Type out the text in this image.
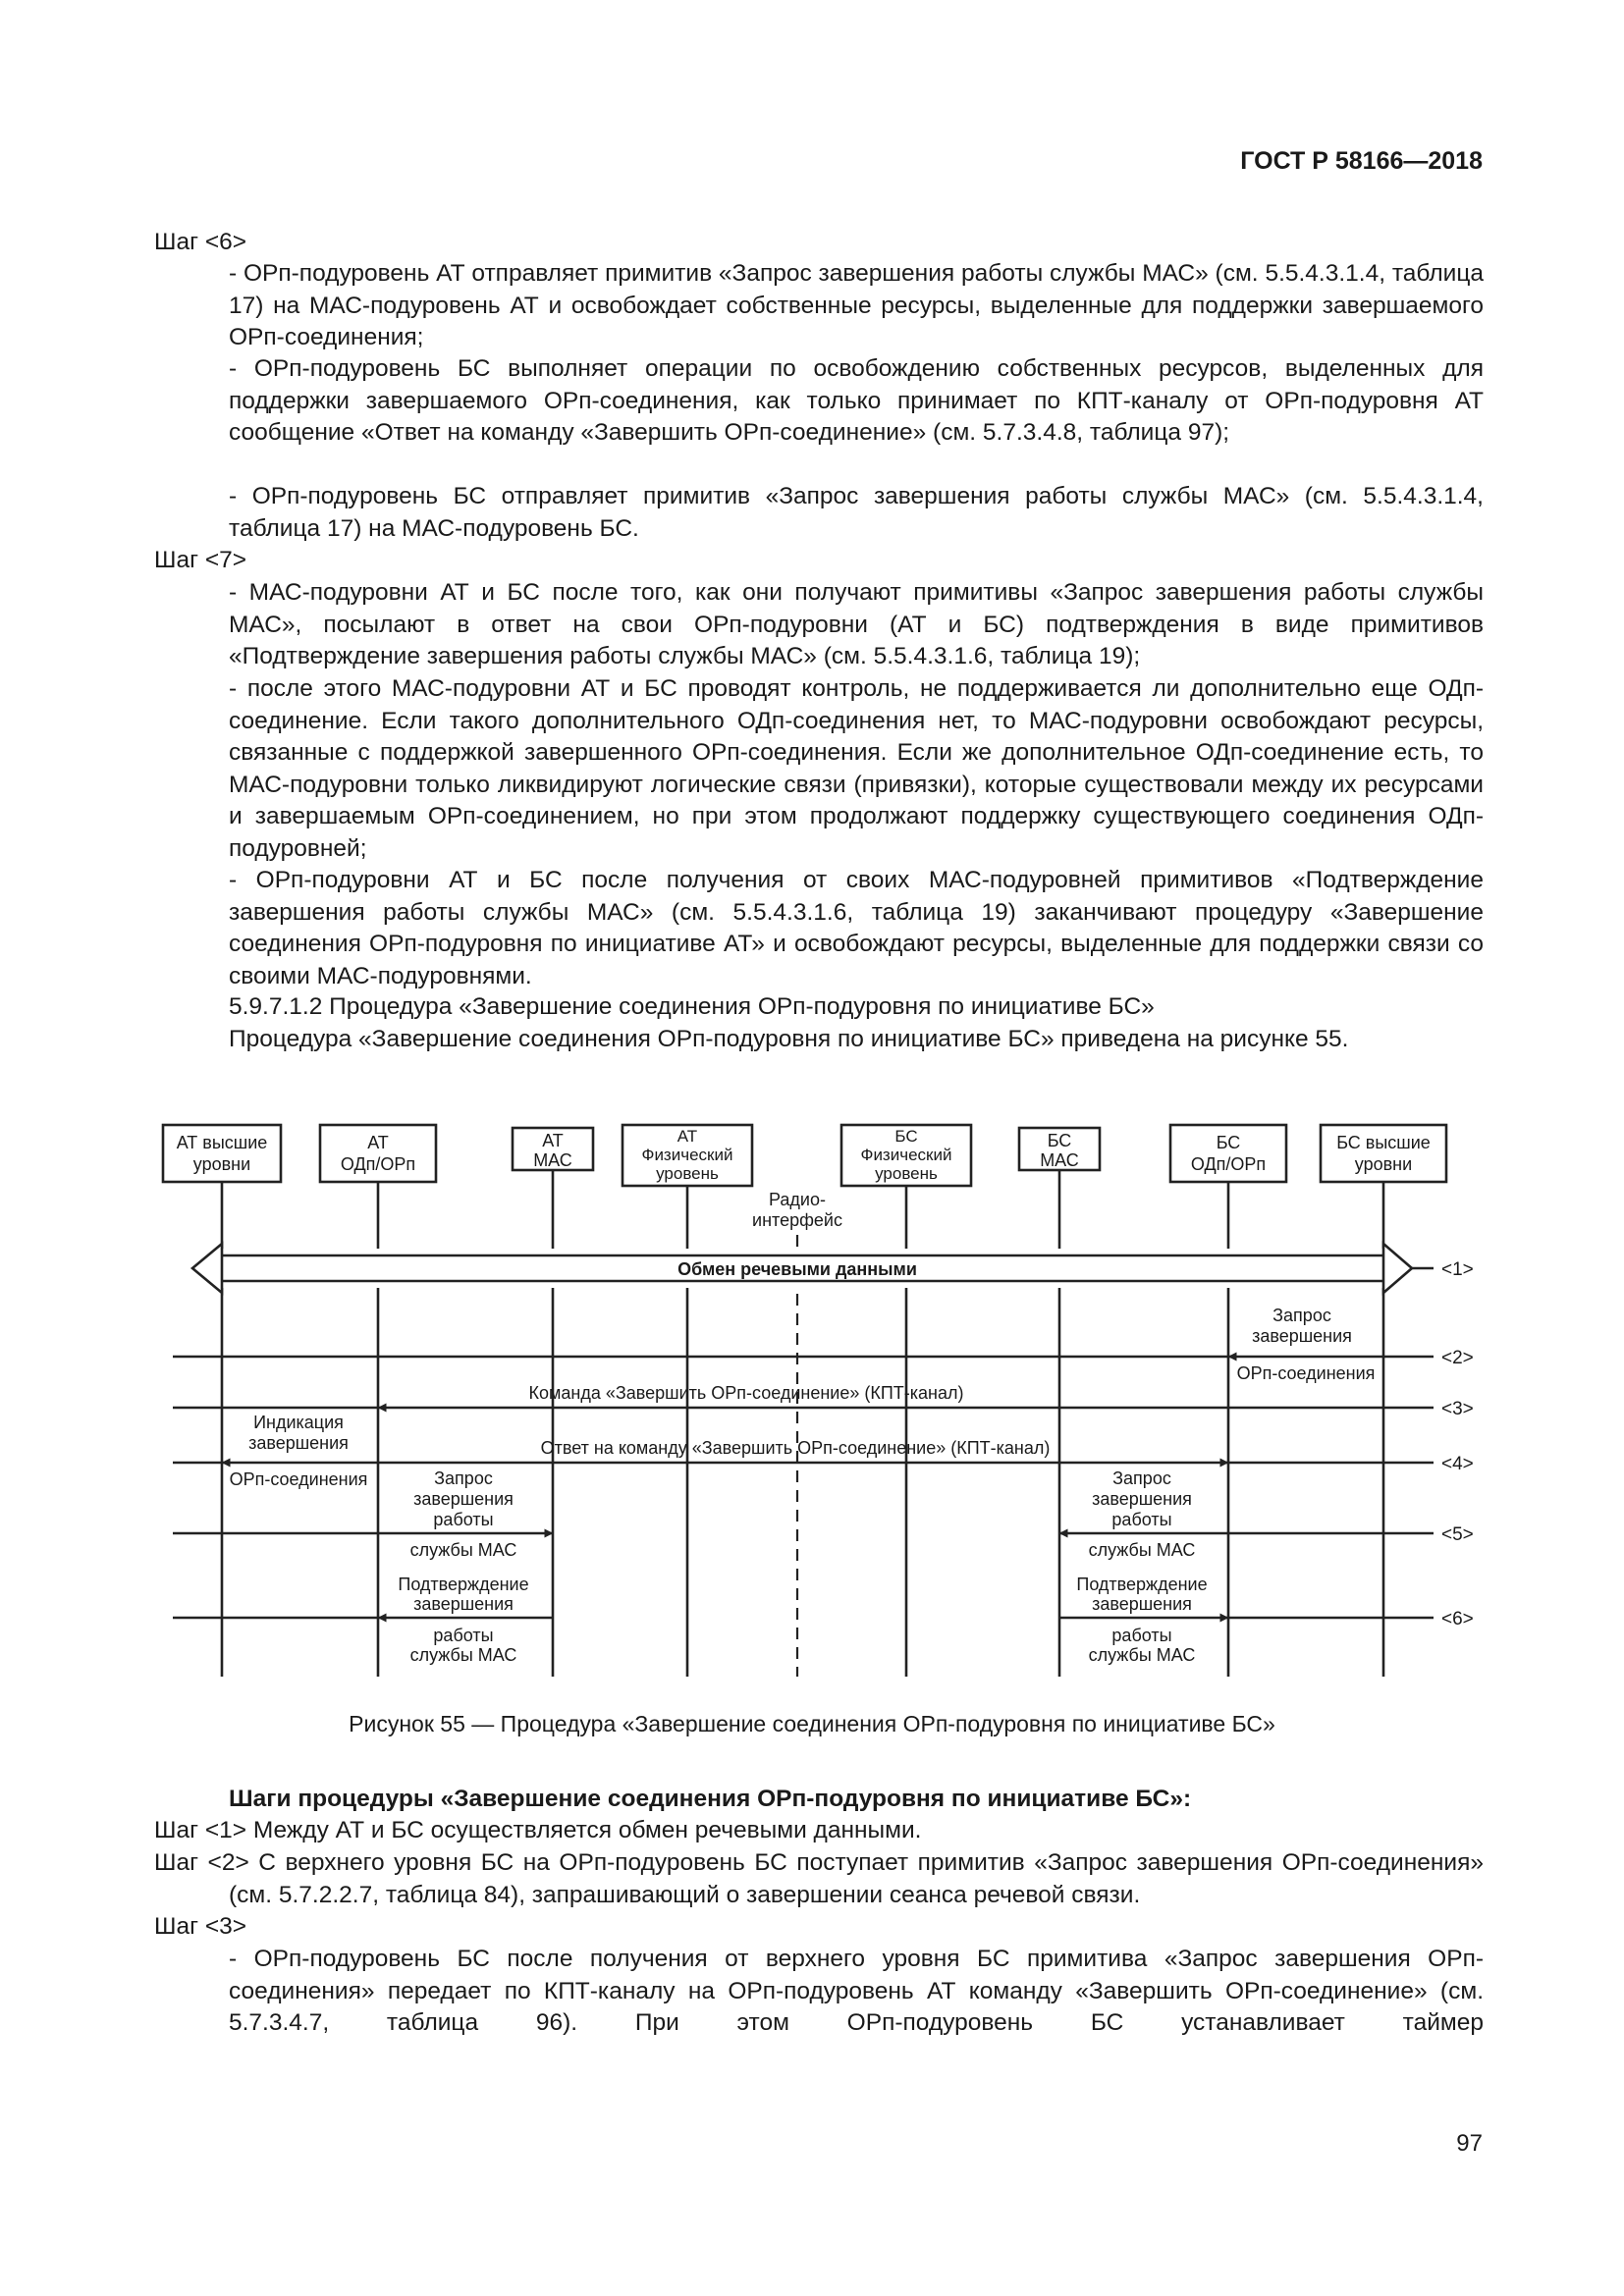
ГОСТ Р 58166—2018

Шаг <6>

- ОРп-подуровень АТ отправляет примитив «Запрос завершения работы службы МАС» (см. 5.5.4.3.1.4, таблица 17) на МАС-подуровень АТ и освобождает собственные ресурсы, выделенные для поддержки завершаемого ОРп-соединения;

- ОРп-подуровень БС выполняет операции по освобождению собственных ресурсов, выделенных для поддержки завершаемого ОРп-соединения, как только принимает по КПТ-каналу от ОРп-подуровня АТ сообщение «Ответ на команду «Завершить ОРп-соединение» (см. 5.7.3.4.8, таблица 97);

- ОРп-подуровень БС отправляет примитив «Запрос завершения работы службы МАС» (см. 5.5.4.3.1.4, таблица 17) на МАС-подуровень БС.

Шаг <7>

- МАС-подуровни АТ и БС после того, как они получают примитивы «Запрос завершения работы службы МАС», посылают в ответ на свои ОРп-подуровни (АТ и БС) подтверждения в виде примитивов «Подтверждение завершения работы службы МАС» (см. 5.5.4.3.1.6, таблица 19);

- после этого МАС-подуровни АТ и БС проводят контроль, не поддерживается ли дополнительно еще ОДп-соединение. Если такого дополнительного ОДп-соединения нет, то МАС-подуровни освобождают ресурсы, связанные с поддержкой завершенного ОРп-соединения. Если же дополнительное ОДп-соединение есть, то МАС-подуровни только ликвидируют логические связи (привязки), которые существовали между их ресурсами и завершаемым ОРп-соединением, но при этом продолжают поддержку существующего соединения ОДп-подуровней;

- ОРп-подуровни АТ и БС после получения от своих МАС-подуровней примитивов «Подтверждение завершения работы службы МАС» (см. 5.5.4.3.1.6, таблица 19) заканчивают процедуру «Завершение соединения ОРп-подуровня по инициативе АТ» и освобождают ресурсы, выделенные для поддержки связи со своими МАС-подуровнями.

5.9.7.1.2 Процедура «Завершение соединения ОРп-подуровня по инициативе БС»

Процедура «Завершение соединения ОРп-подуровня по инициативе БС» приведена на рисунке 55.

АТ высшие
уровни
АТ
ОДп/ОРп
АТ
МАС
АТ
Физический
уровень
БС
Физический
уровень
БС
МАС
БС
ОДп/ОРп
БС высшие
уровни
Радио-
интерфейс
Обмен речевыми данными	<1>
Запрос
завершения
ОРп-соединения
<2>
Команда «Завершить ОРп-соединение» (КПТ-канал)
<3>
Индикация
завершения
ОРп-соединения
Ответ на команду «Завершить ОРп-соединение» (КПТ-канал)
<4>
Запрос
завершения
работы
службы МАС
Запрос
завершения
работы
службы МАС
<5>
Подтверждение
завершения
работы
службы МАС
Подтверждение
завершения
работы
службы МАС
<6>
Рисунок 55 — Процедура «Завершение соединения ОРп-подуровня по инициативе БС»

Шаги процедуры «Завершение соединения ОРп-подуровня по инициативе БС»:

Шаг <1> Между АТ и БС осуществляется обмен речевыми данными.

Шаг <2> С верхнего уровня БС на ОРп-подуровень БС поступает примитив «Запрос завершения ОРп-соединения» (см. 5.7.2.2.7, таблица 84), запрашивающий о завершении сеанса речевой связи.

Шаг <3>

- ОРп-подуровень БС после получения от верхнего уровня БС примитива «Запрос завершения ОРп-соединения» передает по КПТ-каналу на ОРп-подуровень АТ команду «Завершить ОРп-соединение» (см. 5.7.3.4.7, таблица 96). При этом ОРп-подуровень БС устанавливает таймер

97
